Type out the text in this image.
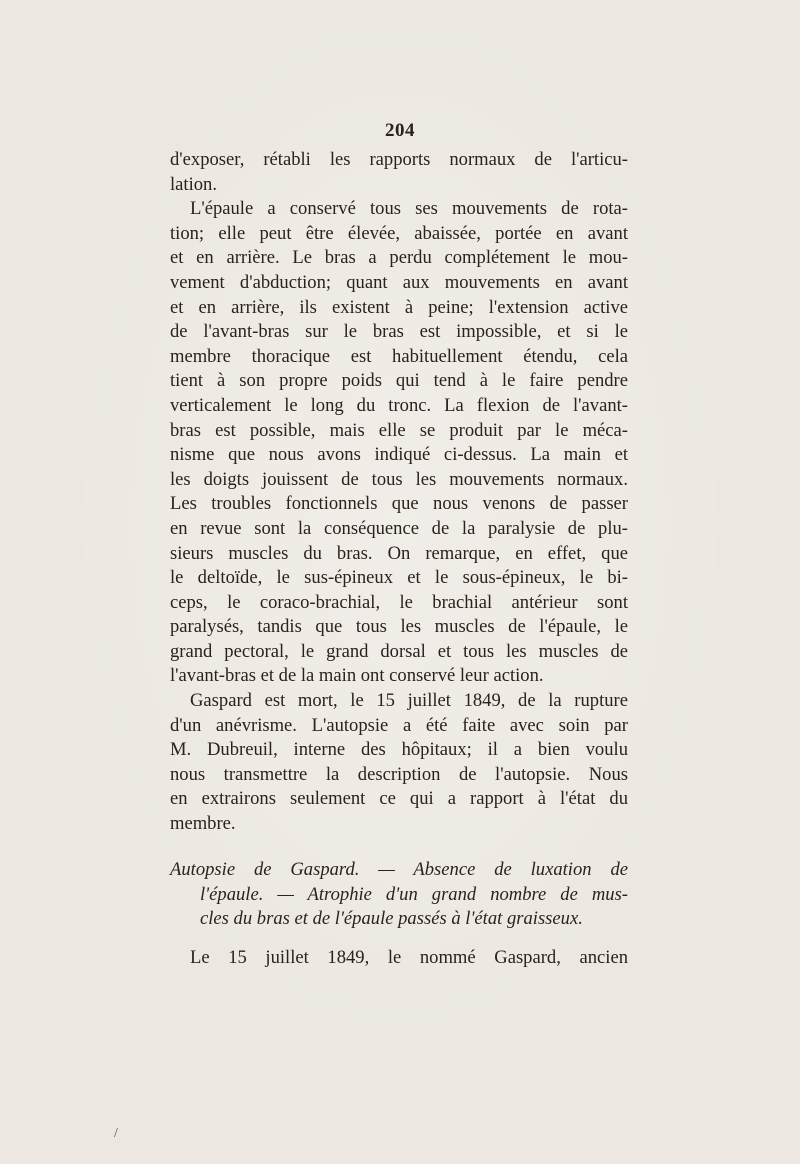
204
d'exposer, rétabli les rapports normaux de l'articu-
lation.
L'épaule a conservé tous ses mouvements de rota-
tion; elle peut être élevée, abaissée, portée en avant
et en arrière. Le bras a perdu complétement le mou-
vement d'abduction; quant aux mouvements en avant
et en arrière, ils existent à peine; l'extension active
de l'avant-bras sur le bras est impossible, et si le
membre thoracique est habituellement étendu, cela
tient à son propre poids qui tend à le faire pendre
verticalement le long du tronc. La flexion de l'avant-
bras est possible, mais elle se produit par le méca-
nisme que nous avons indiqué ci-dessus. La main et
les doigts jouissent de tous les mouvements normaux.
Les troubles fonctionnels que nous venons de passer
en revue sont la conséquence de la paralysie de plu-
sieurs muscles du bras. On remarque, en effet, que
le deltoïde, le sus-épineux et le sous-épineux, le bi-
ceps, le coraco-brachial, le brachial antérieur sont
paralysés, tandis que tous les muscles de l'épaule, le
grand pectoral, le grand dorsal et tous les muscles de
l'avant-bras et de la main ont conservé leur action.
Gaspard est mort, le 15 juillet 1849, de la rupture
d'un anévrisme. L'autopsie a été faite avec soin par
M. Dubreuil, interne des hôpitaux; il a bien voulu
nous transmettre la description de l'autopsie. Nous
en extrairons seulement ce qui a rapport à l'état du
membre.
Autopsie de Gaspard. — Absence de luxation de
l'épaule. — Atrophie d'un grand nombre de mus-
cles du bras et de l'épaule passés à l'état graisseux.
Le 15 juillet 1849, le nommé Gaspard, ancien
/
